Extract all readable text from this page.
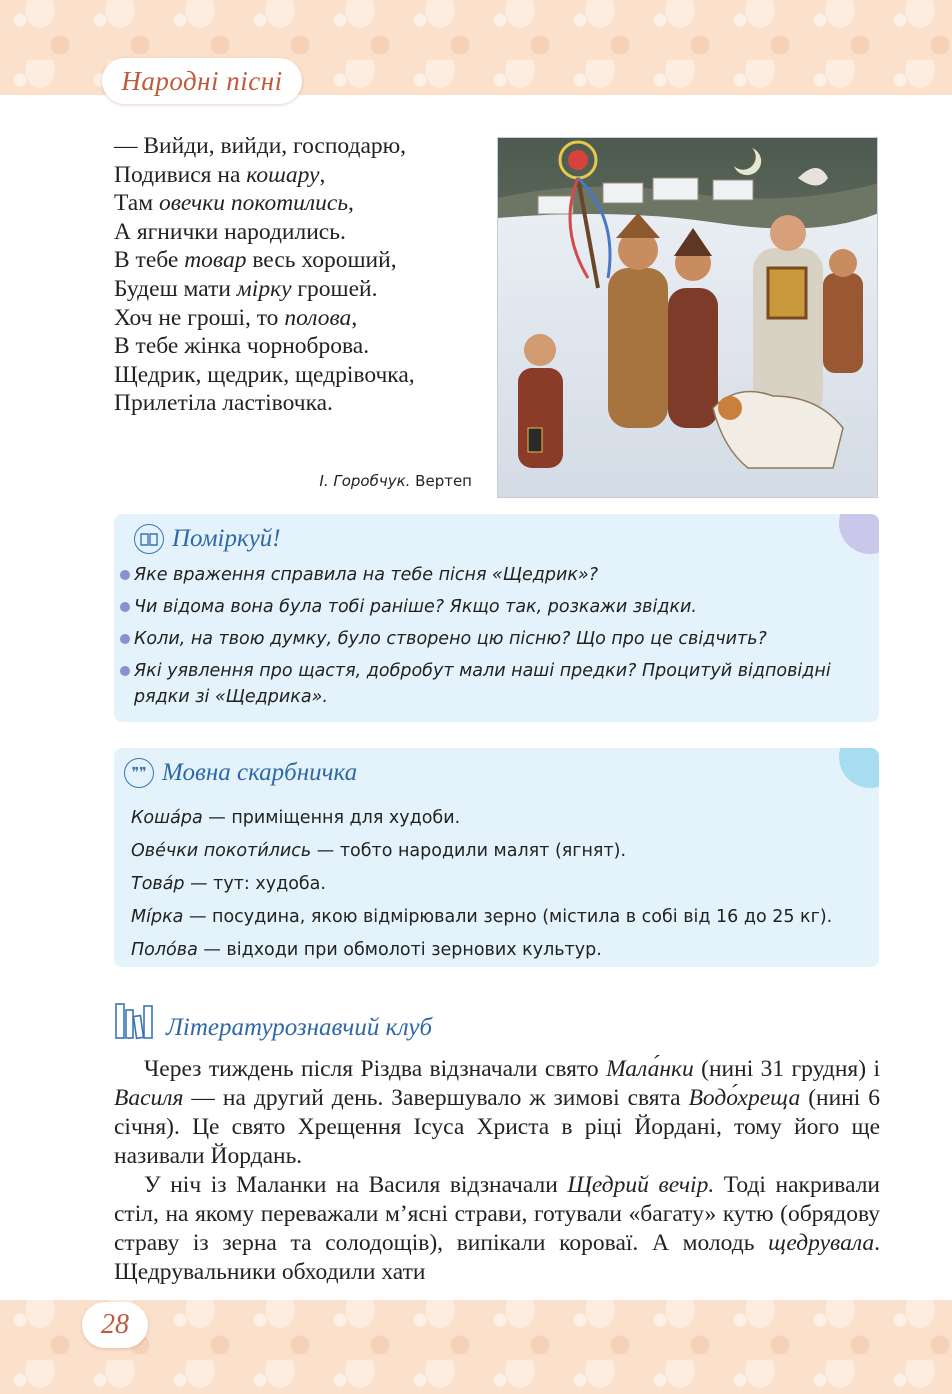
Народні пісні
— Вийди, вийди, господарю,
Подивися на кошару,
Там овечки покотились,
А ягнички народились.
В тебе товар весь хороший,
Будеш мати мірку грошей.
Хоч не гроші, то полова,
В тебе жінка чорноброва.
Щедрик, щедрик, щедрівочка,
Прилетіла ластівочка.
І. Горобчук. Вертеп
Поміркуй!
Яке враження справила на тебе пісня «Щедрик»?
Чи відома вона була тобі раніше? Якщо так, розкажи звідки.
Коли, на твою думку, було створено цю пісню? Що про це свідчить?
Які уявлення про щастя, добробут мали наші предки? Процитуй відповідні рядки зі «Щедрика».
❞❞ Мовна скарбничка
Коша́ра — приміщення для худоби.
Ове́чки покоти́лись — тобто народили малят (ягнят).
Това́р — тут: худоба.
Мі́рка — посудина, якою відмірювали зерно (містила в собі від 16 до 25 кг).
Поло́ва — відходи при обмолоті зернових культур.
Літературознавчий клуб

Через тиждень після Різдва відзначали свято Мала́нки (нині 31 грудня) і Василя — на другий день. Завершувало ж зимові свята Водо́хреща (нині 6 січня). Це свято Хрещення Ісуса Христа в ріці Йордані, тому його ще називали Йордань.

У ніч із Маланки на Василя відзначали Щедрий вечір. Тоді накривали стіл, на якому переважали м’ясні страви, готували «багату» кутю (обрядову страву із зерна та солодощів), випікали короваї. А молодь щедрувала. Щедрувальники обходили хати

28
